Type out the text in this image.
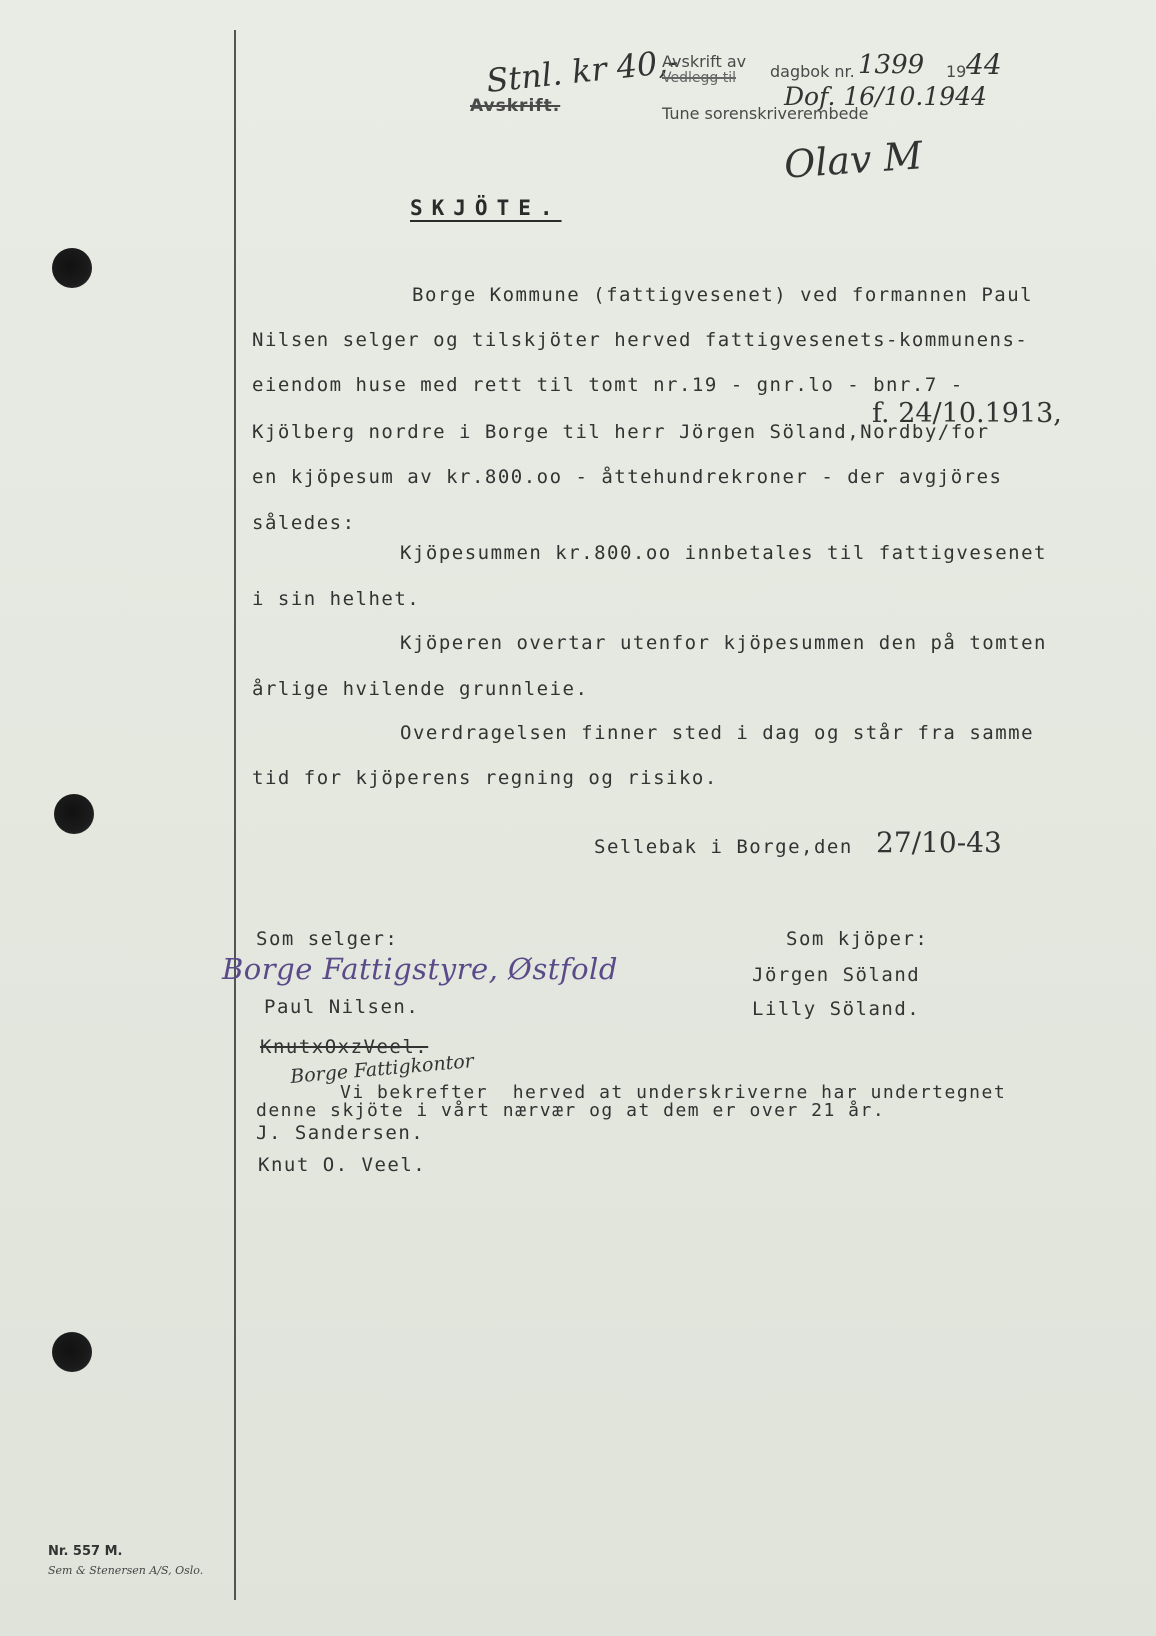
Stnl. kr 40,-
Avskrift.
Avskrift av
Vedlegg til dagbok nr. 1399 19 44
Dof. 16/10.1944
Tune sorenskriverembede
Olav M
SKJÖTE.
Borge Kommune (fattigvesenet) ved formannen Paul
Nilsen selger og tilskjöter herved fattigvesenets-kommunens-
eiendom huse med rett til tomt nr.19 - gnr.lo - bnr.7 -
f. 24/10.1913,
Kjölberg nordre i Borge til herr Jörgen Söland,Nordby/for
en kjöpesum av kr.800.oo - åttehundrekroner - der avgjöres
således:
Kjöpesummen kr.800.oo innbetales til fattigvesenet
i sin helhet.
Kjöperen overtar utenfor kjöpesummen den på tomten
årlige hvilende grunnleie.
Overdragelsen finner sted i dag og står fra samme
tid for kjöperens regning og risiko.
Sellebak i Borge,den 27/10-43
Som selger:
Borge Fattigstyre, Østfold
Paul Nilsen.
Som kjöper:
Jörgen Söland
Lilly Söland.
KnutxOxzVeel.
Borge Fattigkontor
Vi bekrefter  herved at underskriverne har undertegnet
denne skjöte i vårt nærvær og at dem er over 21 år.
J. Sandersen.
Knut O. Veel.
Nr. 557 M.
Sem & Stenersen A/S, Oslo.
